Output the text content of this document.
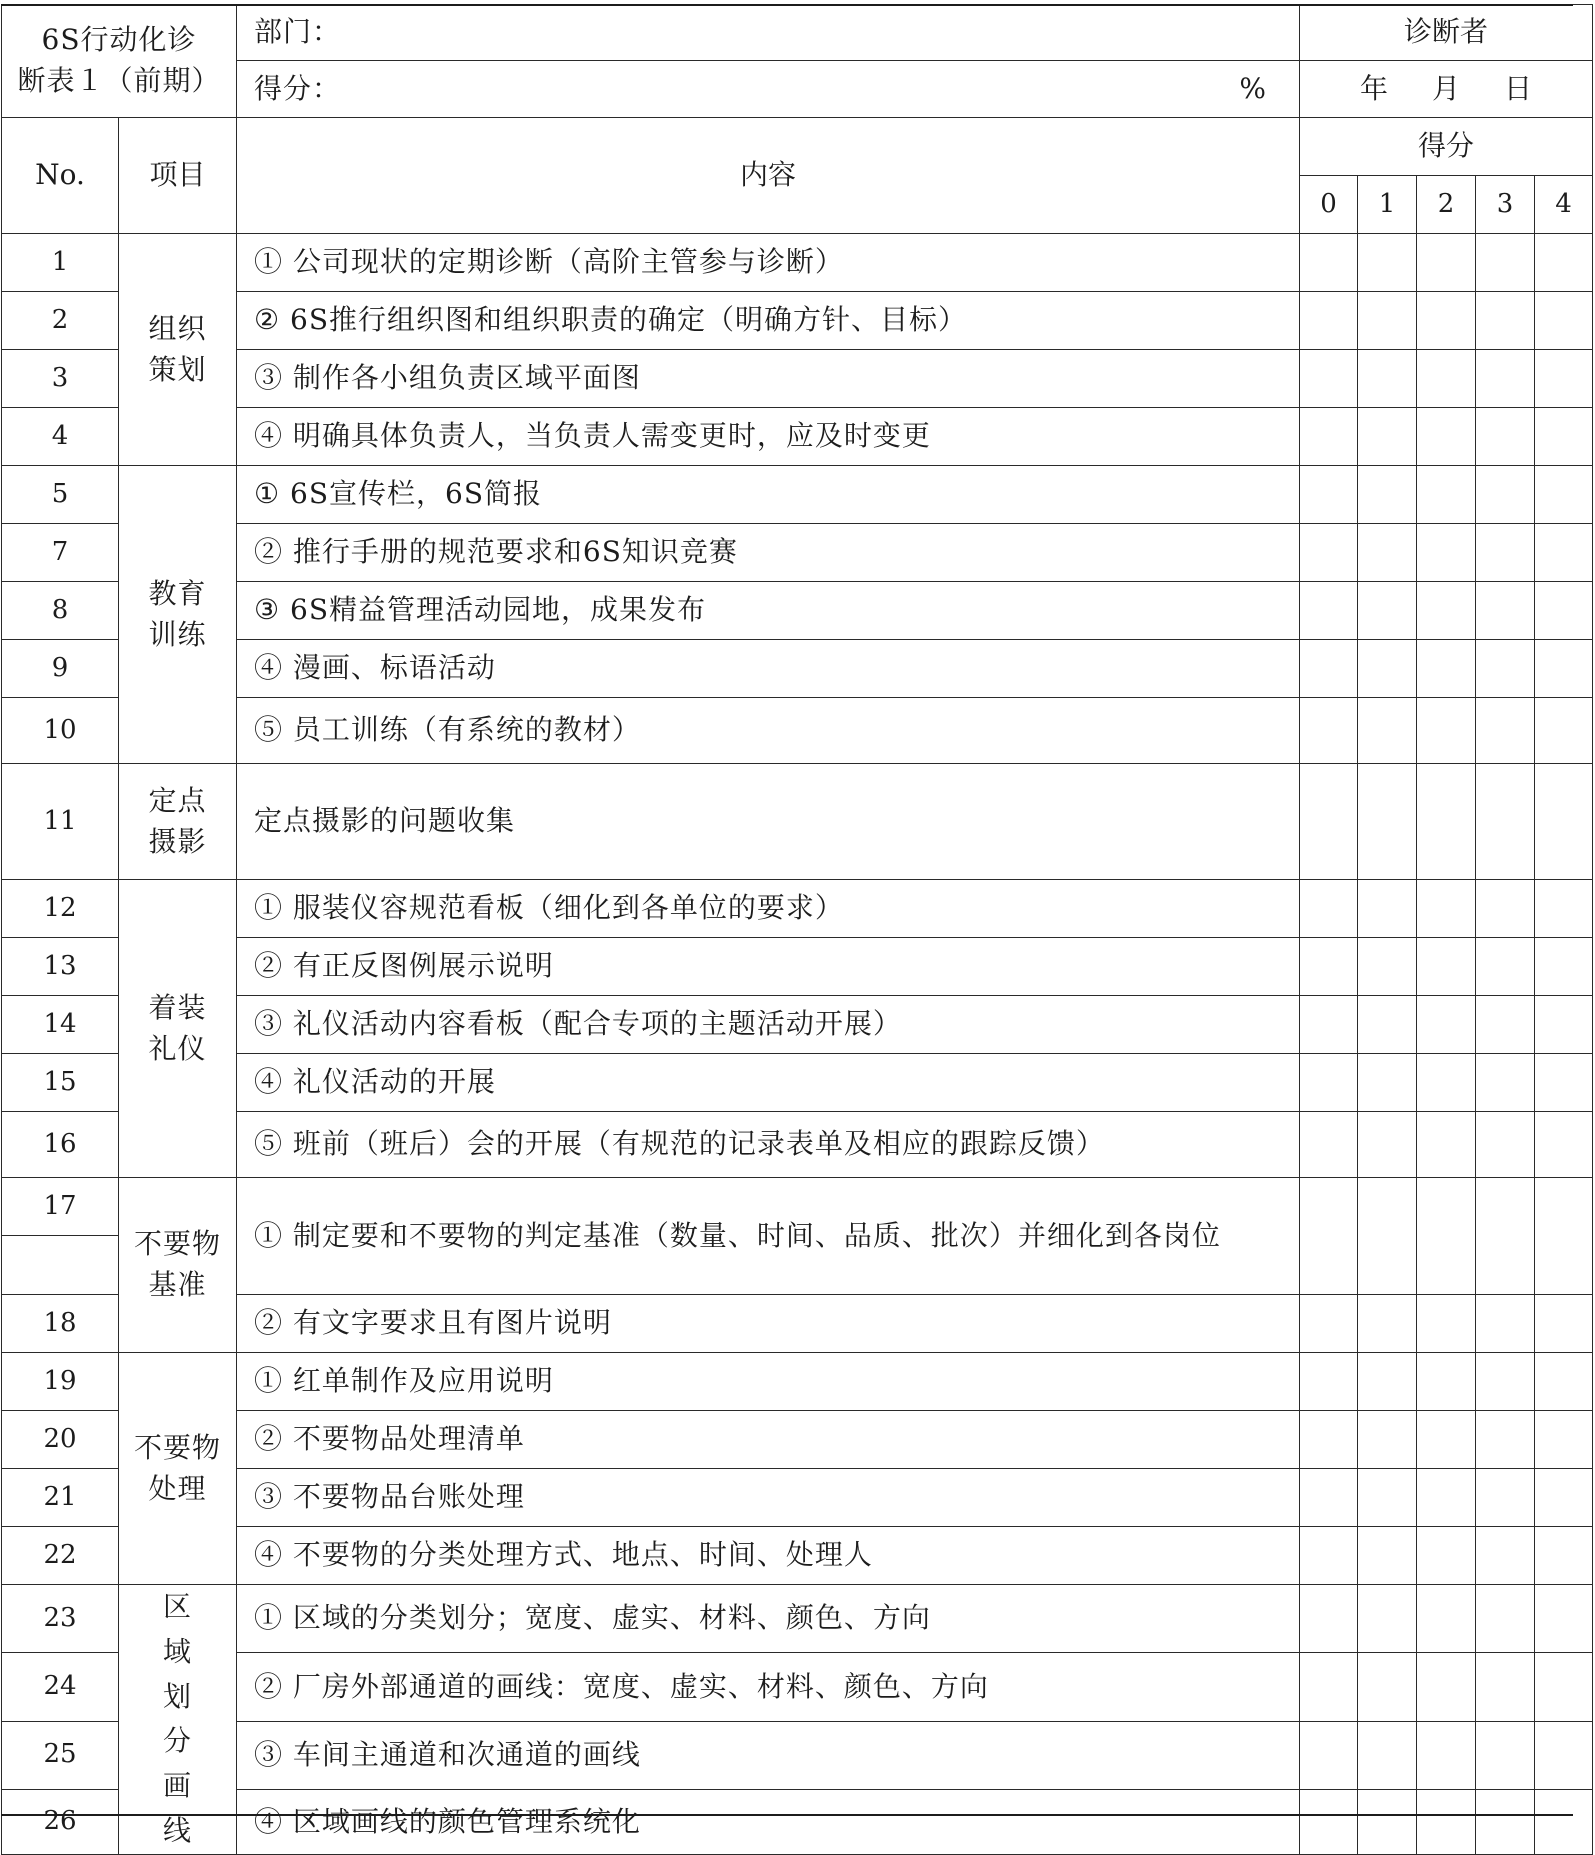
6S行动化诊
断表１（前期）		部门：	诊断者				
		得分： %	年 月 日				
No.	项目	内容	得分				
			0	1	2	3	4
1	组织策划	① 公司现状的定期诊断（高阶主管参与诊断）					
2		② 6S推行组织图和组织职责的确定（明确方针、目标）					
3		③ 制作各小组负责区域平面图					
4		④ 明确具体负责人，当负责人需变更时，应及时变更					
5	教育训练	① 6S宣传栏，6S简报					
7		② 推行手册的规范要求和6S知识竞赛					
8		③ 6S精益管理活动园地，成果发布					
9		④ 漫画、标语活动					
10		⑤ 员工训练（有系统的教材）					
11	定点摄影	定点摄影的问题收集					
12	着装礼仪	① 服装仪容规范看板（细化到各单位的要求）					
13		② 有正反图例展示说明					
14		③ 礼仪活动内容看板（配合专项的主题活动开展）					
15		④ 礼仪活动的开展					
16		⑤ 班前（班后）会的开展（有规范的记录表单及相应的跟踪反馈）					

17	不要物基准	① 制定要和不要物的判定基准（数量、时间、品质、批次）并细化到各岗位					
18		② 有文字要求且有图片说明					
19	不要物处理	① 红单制作及应用说明					
20		② 不要物品处理清单					
21		③ 不要物品台账处理					
22		④ 不要物的分类处理方式、地点、时间、处理人					
23	区域划分画线	① 区域的分类划分；宽度、虚实、材料、颜色、方向					
24		② 厂房外部通道的画线：宽度、虚实、材料、颜色、方向					
25		③ 车间主通道和次通道的画线					
26		④ 区域画线的颜色管理系统化					
